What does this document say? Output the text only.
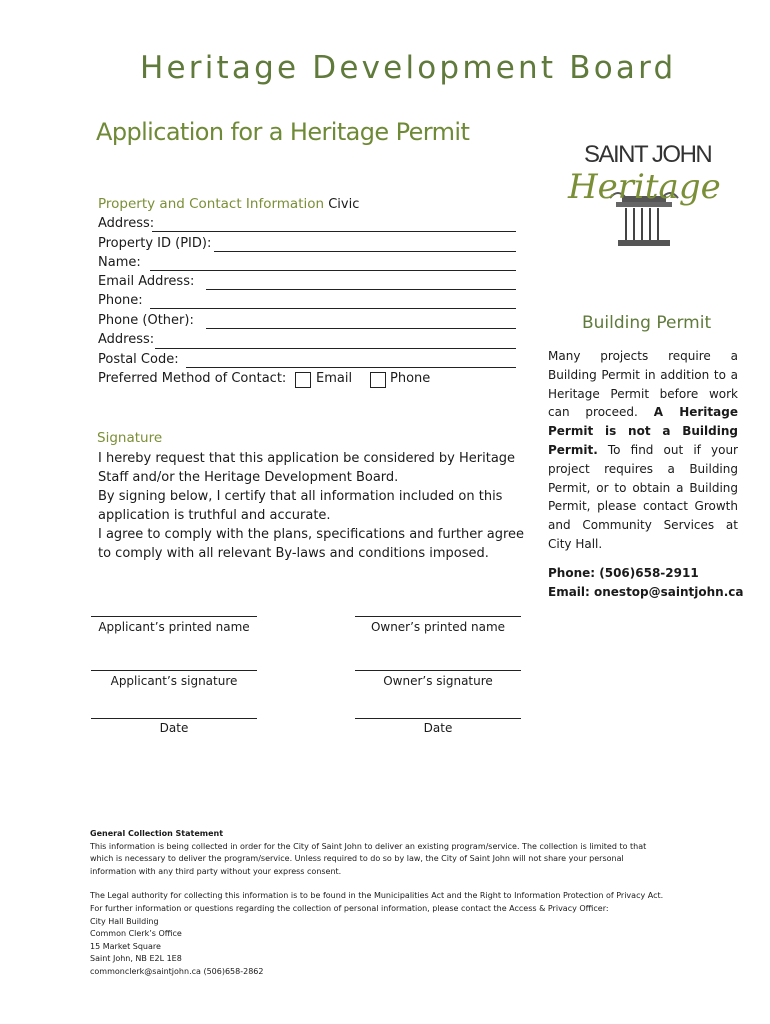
Heritage Development Board
Application for a Heritage Permit
SAINT JOHN
Heritage
Property and Contact Information Civic
Address:
Property ID (PID):
Name:
Email Address:
Phone:
Phone (Other):
Address:
Postal Code:
Preferred Method of Contact: Email	Phone
Signature
I hereby request that this application be considered by Heritage
Staff and/or the Heritage Development Board.
By signing below, I certify that all information included on this
application is truthful and accurate.
I agree to comply with the plans, specifications and further agree
to comply with all relevant By-laws and conditions imposed.
Applicant’s printed name	Owner’s printed name
Applicant’s signature	Owner’s signature
Date	Date
Building Permit
Many projects require a Building Permit in addition to a Heritage Permit before work can proceed. A Heritage Permit is not a Building Permit. To find out if your project requires a Building Permit, or to obtain a Building Permit, please contact Growth and Community Services at City Hall.
Phone: (506)658-2911
Email: onestop@saintjohn.ca
General Collection Statement
This information is being collected in order for the City of Saint John to deliver an existing program/service. The collection is limited to that
which is necessary to deliver the program/service. Unless required to do so by law, the City of Saint John will not share your personal
information with any third party without your express consent.
The Legal authority for collecting this information is to be found in the Municipalities Act and the Right to Information Protection of Privacy Act.
For further information or questions regarding the collection of personal information, please contact the Access & Privacy Officer:
City Hall Building
Common Clerk’s Office
15 Market Square
Saint John, NB E2L 1E8
commonclerk@saintjohn.ca (506)658-2862
